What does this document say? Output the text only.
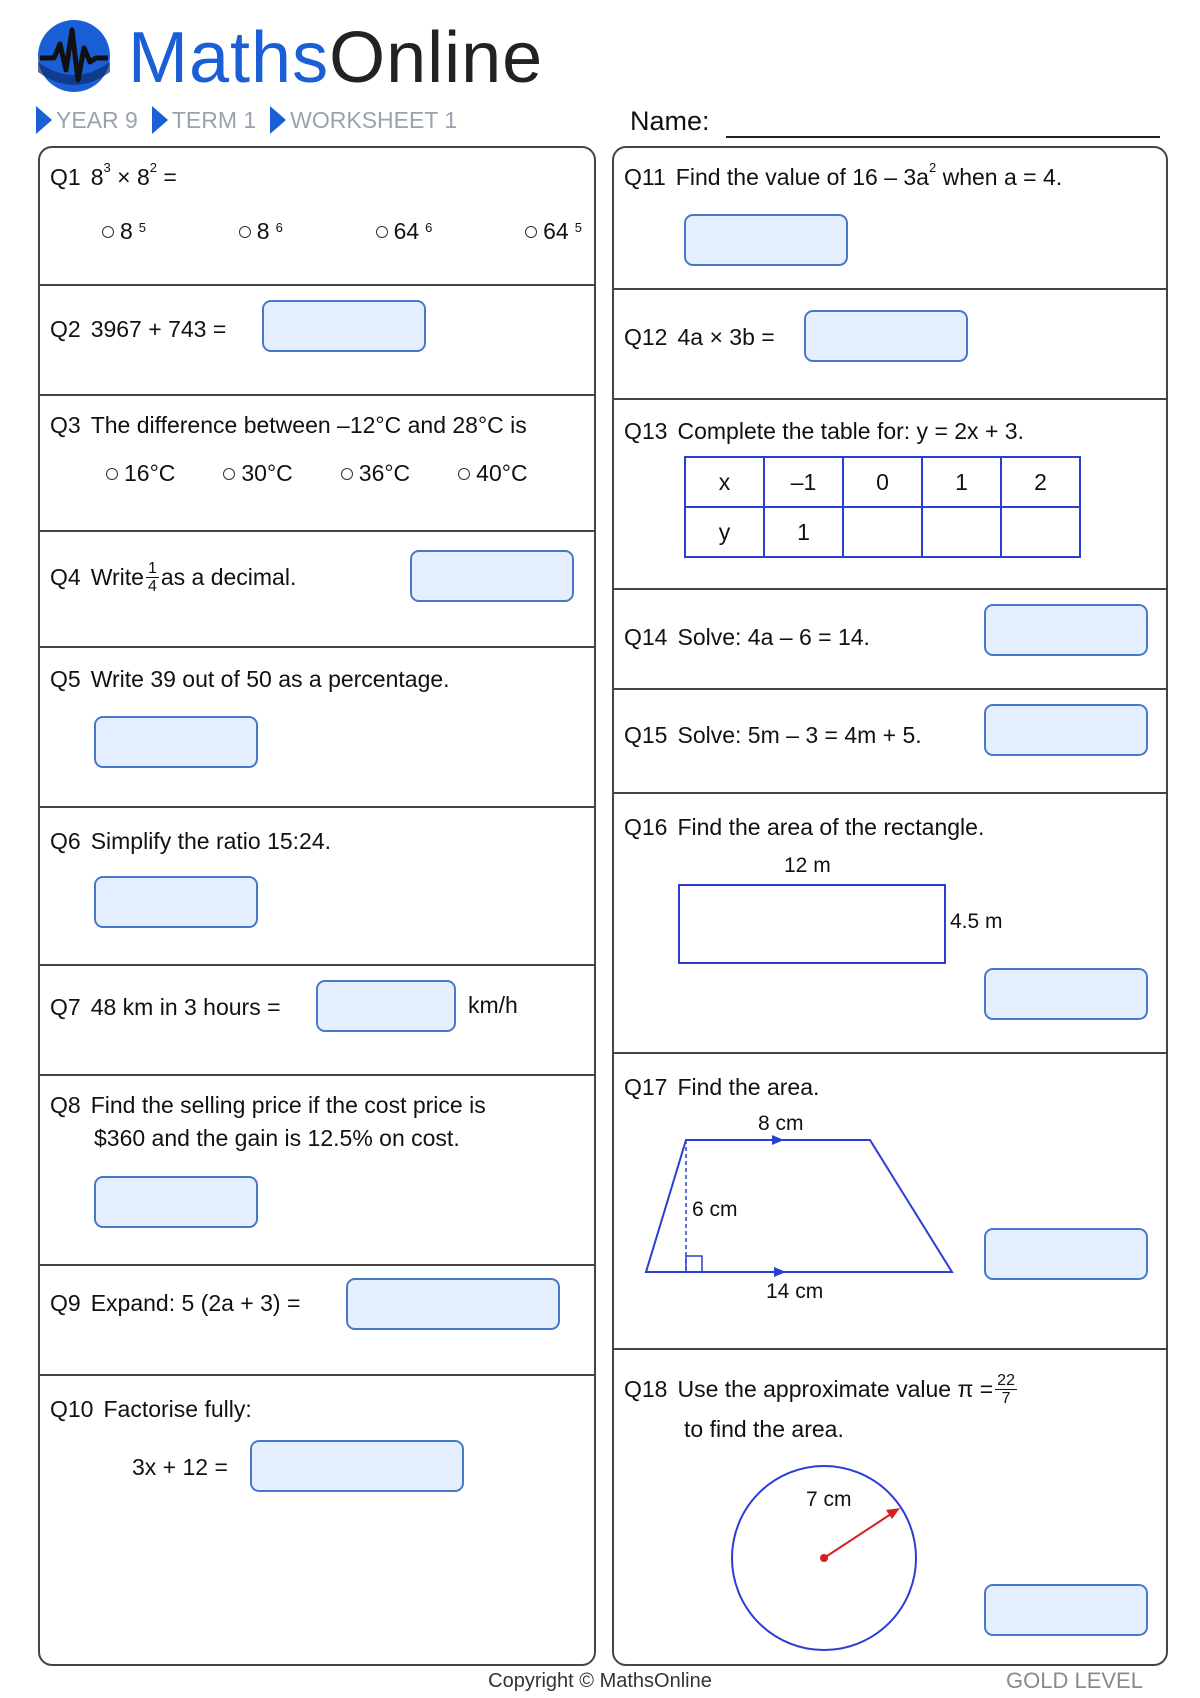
MathsOnline
YEAR 9 TERM 1 WORKSHEET 1	Name:
Q1 $8^3 \times 8^2$ =
8 $^5$	8 $^6$	64 $^6$	64 $^5$
Q2 3967 + 743 =
Q3 The difference between –12°C and 28°C is
16°C	30°C	36°C	40°C
Q4 Write $\frac{1}{4}$ as a decimal.
Q5 Write 39 out of 50 as a percentage.
Q6 Simplify the ratio 15:24.
Q7 48 km in 3 hours =	km/h
Q8 Find the selling price if the cost price is
$360 and the gain is 12.5% on cost.
Q9 Expand: 5 (2a + 3) =
Q10 Factorise fully:
3x + 12 =
Q11 Find the value of $16 - 3a^2$ when a = 4.
Q12 4a × 3b =
Q13 Complete the table for: y = 2x + 3.
x	–1	0	1	2
y	1			
Q14 Solve: 4a – 6 = 14.
Q15 Solve: 5m – 3 = 4m + 5.
Q16 Find the area of the rectangle.
12 m
4.5 m
Q17 Find the area.
8 cm
6 cm
14 cm
Q18 Use the approximate value $\pi = \frac{22}{7}$
to find the area.
7 cm
Copyright © MathsOnline	GOLD LEVEL
